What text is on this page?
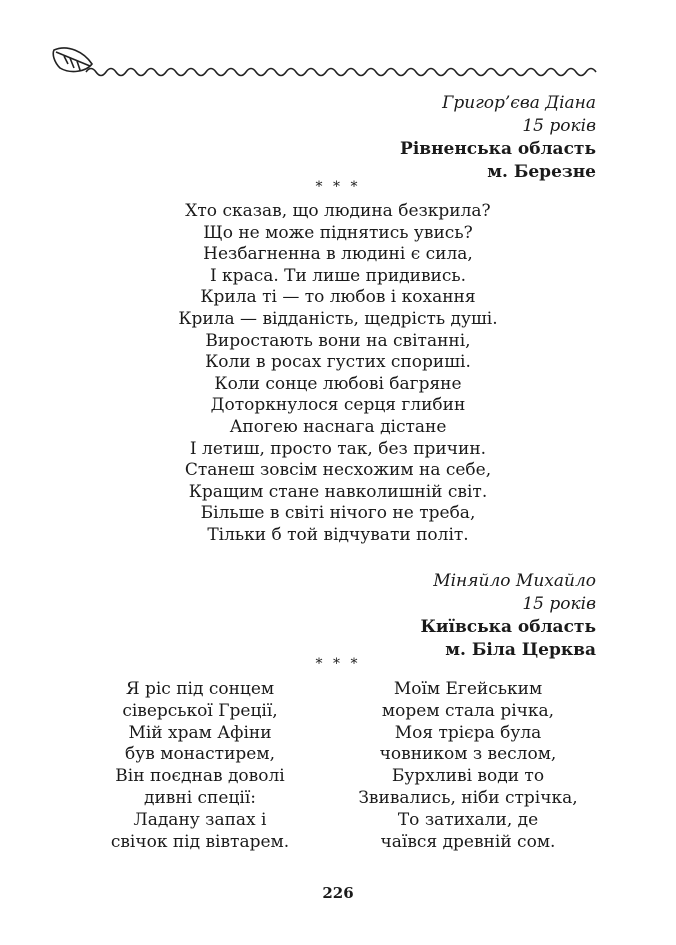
Григор’єва Діана
15 років
Рівненська область
м. Березне
* * *
Хто сказав, що людина безкрила?
Що не може піднятись увись?
Незбагненна в людині є сила,
І краса. Ти лише придивись.
Крила ті — то любов і кохання
Крила — відданість, щедрість душі.
Виростають вони на світанні,
Коли в росах густих спориші.
Коли сонце любові багряне
Доторкнулося серця глибин
Апогею наснага дістане
І летиш, просто так, без причин.
Станеш зовсім несхожим на себе,
Кращим стане навколишній світ.
Більше в світі нічого не треба,
Тільки б той відчувати політ.
Міняйло Михайло
15 років
Київська область
м. Біла Церква
* * *
Я ріс під сонцем
сіверської Греції,
Мій храм Афіни
був монастирем,
Він поєднав доволі
дивні спеції:
Ладану запах і
свічок під вівтарем.
Моїм Егейським
морем стала річка,
Моя трієра була
човником з веслом,
Бурхливі води то
Звивались, ніби стрічка,
То затихали, де
чаївся древній сом.
226
